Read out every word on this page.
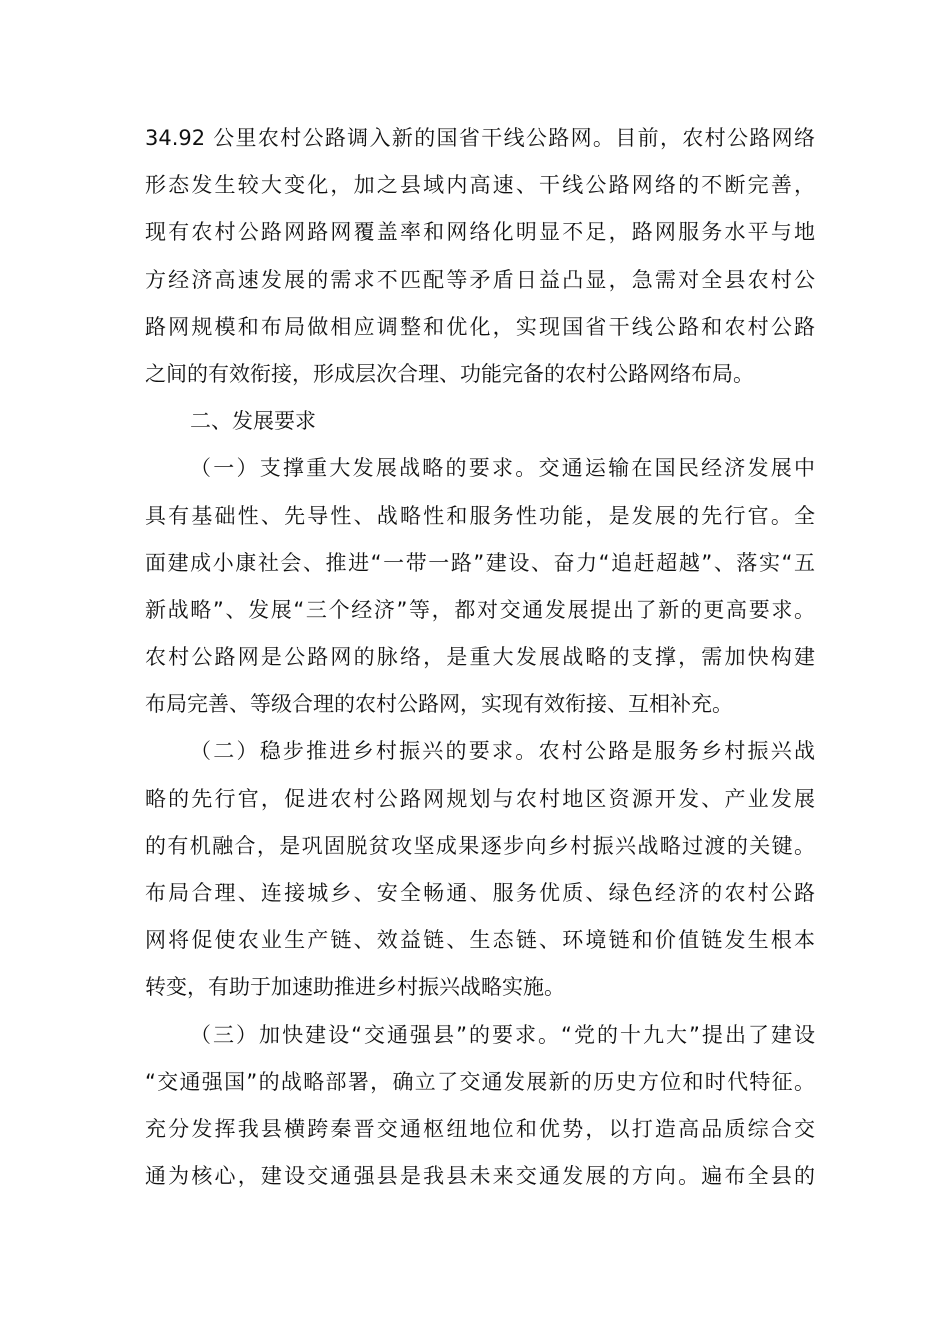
34.92 公里农村公路调入新的国省干线公路网。目前，农村公路网络
形态发生较大变化，加之县域内高速、干线公路网络的不断完善，
现有农村公路网路网覆盖率和网络化明显不足，路网服务水平与地
方经济高速发展的需求不匹配等矛盾日益凸显，急需对全县农村公
路网规模和布局做相应调整和优化，实现国省干线公路和农村公路
之间的有效衔接，形成层次合理、功能完备的农村公路网络布局。
二、发展要求
（一）支撑重大发展战略的要求。交通运输在国民经济发展中
具有基础性、先导性、战略性和服务性功能，是发展的先行官。全
面建成小康社会、推进“一带一路”建设、奋力“追赶超越”、落实“五
新战略”、发展“三个经济”等，都对交通发展提出了新的更高要求。
农村公路网是公路网的脉络，是重大发展战略的支撑，需加快构建
布局完善、等级合理的农村公路网，实现有效衔接、互相补充。
（二）稳步推进乡村振兴的要求。农村公路是服务乡村振兴战
略的先行官，促进农村公路网规划与农村地区资源开发、产业发展
的有机融合，是巩固脱贫攻坚成果逐步向乡村振兴战略过渡的关键。
布局合理、连接城乡、安全畅通、服务优质、绿色经济的农村公路
网将促使农业生产链、效益链、生态链、环境链和价值链发生根本
转变，有助于加速助推进乡村振兴战略实施。
（三）加快建设“交通强县”的要求。“党的十九大”提出了建设
“交通强国”的战略部署，确立了交通发展新的历史方位和时代特征。
充分发挥我县横跨秦晋交通枢纽地位和优势，以打造高品质综合交
通为核心，建设交通强县是我县未来交通发展的方向。遍布全县的
